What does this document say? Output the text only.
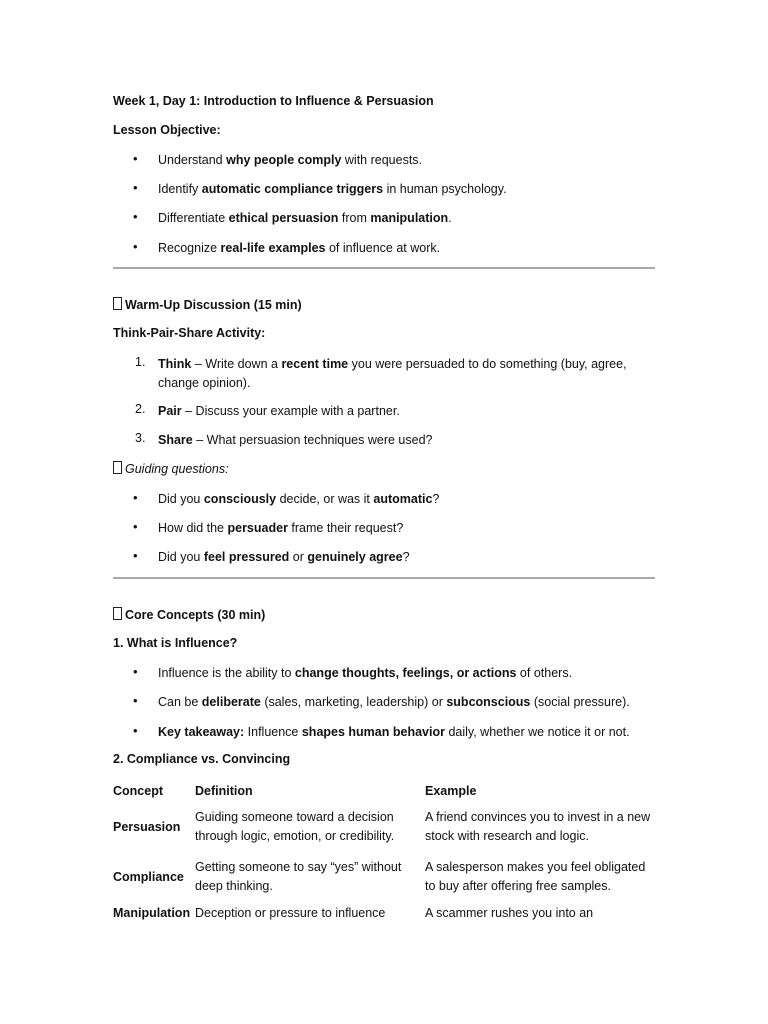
Week 1, Day 1: Introduction to Influence & Persuasion
Lesson Objective:
• Understand why people comply with requests.
• Identify automatic compliance triggers in human psychology.
• Differentiate ethical persuasion from manipulation.
• Recognize real-life examples of influence at work.
Warm-Up Discussion (15 min)
Think-Pair-Share Activity:
1. Think – Write down a recent time you were persuaded to do something (buy, agree, change opinion).
2. Pair – Discuss your example with a partner.
3. Share – What persuasion techniques were used?
Guiding questions:
• Did you consciously decide, or was it automatic?
• How did the persuader frame their request?
• Did you feel pressured or genuinely agree?
Core Concepts (30 min)
1. What is Influence?
• Influence is the ability to change thoughts, feelings, or actions of others.
• Can be deliberate (sales, marketing, leadership) or subconscious (social pressure).
• Key takeaway: Influence shapes human behavior daily, whether we notice it or not.
2. Compliance vs. Convincing
Concept	Definition	Example
Persuasion	Guiding someone toward a decision through logic, emotion, or credibility.	A friend convinces you to invest in a new stock with research and logic.
Compliance	Getting someone to say “yes” without deep thinking.	A salesperson makes you feel obligated to buy after offering free samples.
Manipulation	Deception or pressure to influence	A scammer rushes you into an
